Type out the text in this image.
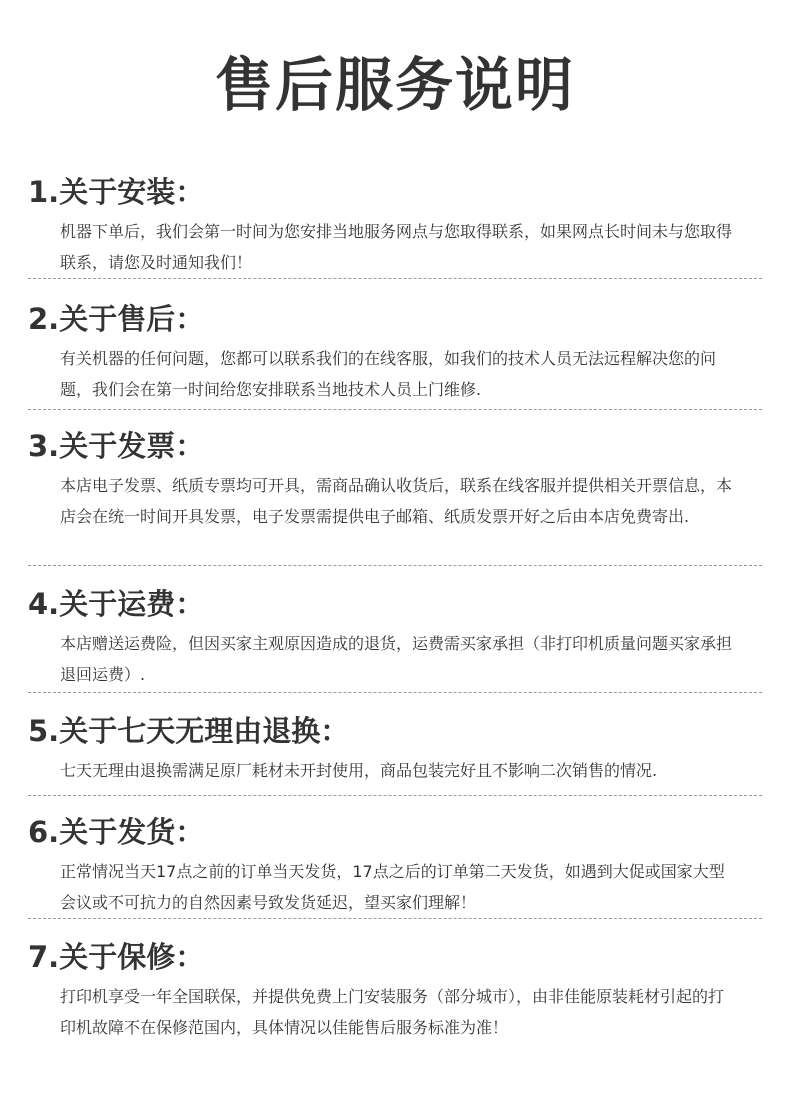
售后服务说明
1.关于安装：
机器下单后，我们会第一时间为您安排当地服务网点与您取得联系，如果网点长时间未与您取得联系，请您及时通知我们！
2.关于售后：
有关机器的任何问题，您都可以联系我们的在线客服，如我们的技术人员无法远程解决您的问题，我们会在第一时间给您安排联系当地技术人员上门维修.
3.关于发票：
本店电子发票、纸质专票均可开具，需商品确认收货后，联系在线客服并提供相关开票信息，本店会在统一时间开具发票，电子发票需提供电子邮箱、纸质发票开好之后由本店免费寄出.
4.关于运费：
本店赠送运费险，但因买家主观原因造成的退货，运费需买家承担（非打印机质量问题买家承担退回运费）.
5.关于七天无理由退换：
七天无理由退换需满足原厂耗材未开封使用，商品包装完好且不影响二次销售的情况.
6.关于发货：
正常情况当天17点之前的订单当天发货，17点之后的订单第二天发货，如遇到大促或国家大型会议或不可抗力的自然因素号致发货延迟，望买家们理解！
7.关于保修：
打印机享受一年全国联保，并提供免费上门安装服务（部分城市），由非佳能原装耗材引起的打印机故障不在保修范国内，具体情况以佳能售后服务标准为准！
